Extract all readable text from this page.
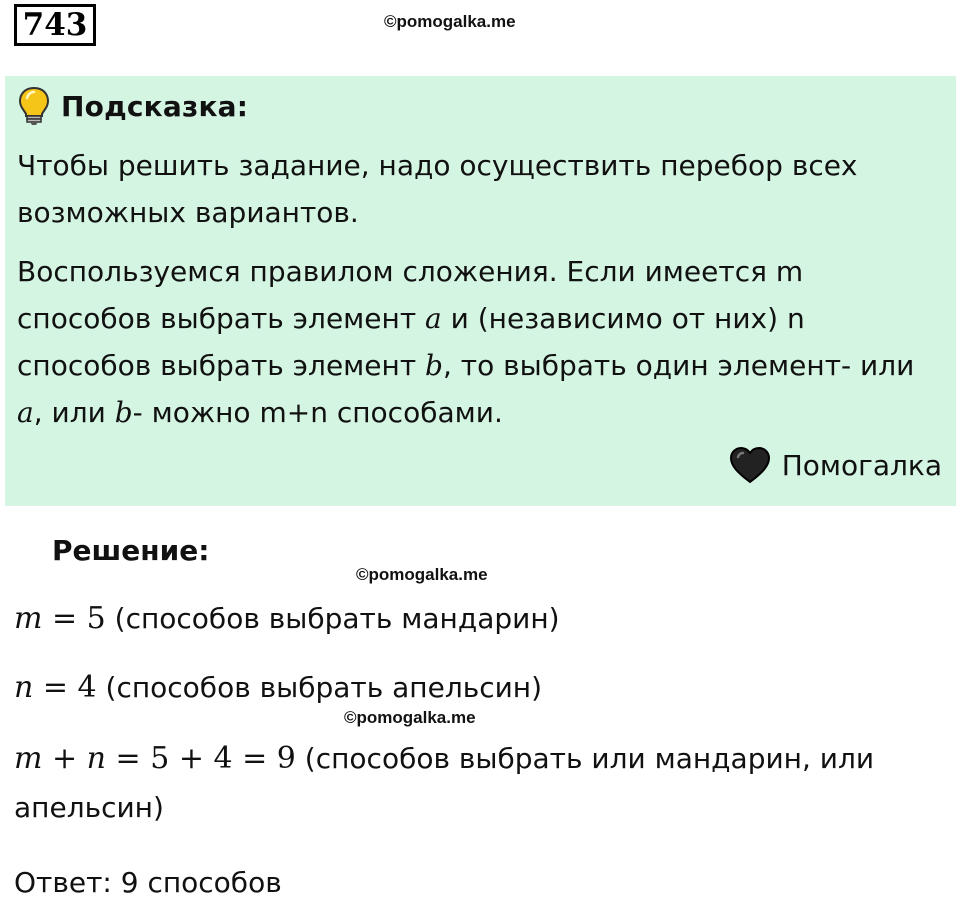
743	©pomogalka.me
Подсказка:

Чтобы решить задание, надо осуществить перебор всех возможных вариантов.

Воспользуемся правилом сложения. Если имеется m способов выбрать элемент a и (независимо от них) n способов выбрать элемент b, то выбрать один элемент- или a, или b- можно m+n способами.

Помогалка
Решение:
©pomogalka.me

m = 5 (способов выбрать мандарин)

n = 4 (способов выбрать апельсин)

©pomogalka.me

m + n = 5 + 4 = 9 (способов выбрать или мандарин, или

апельсин)

Ответ: 9 способов
